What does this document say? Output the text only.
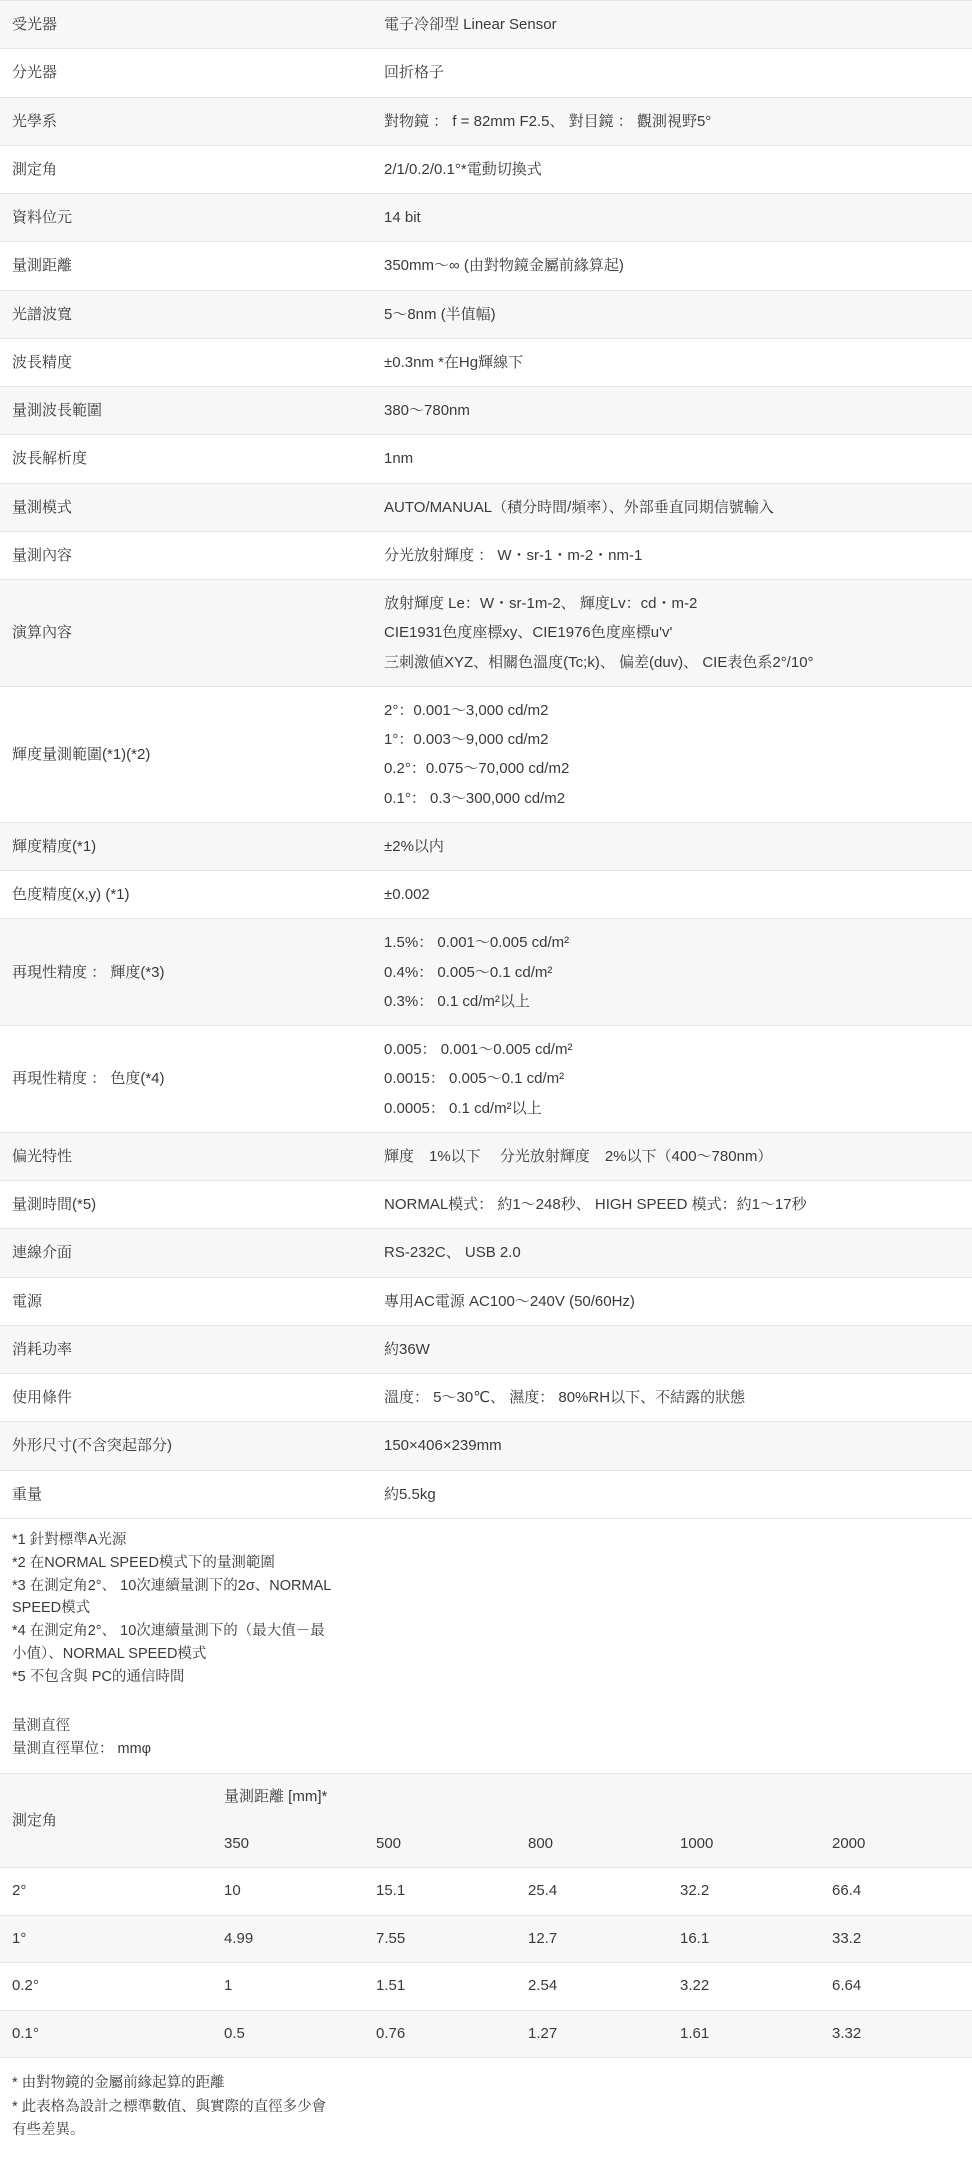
受光器	電子冷卻型 Linear Sensor

分光器	回折格子

光學系	對物鏡 ： f = 82mm F2.5、 對目鏡 ： 觀測視野5°

測定角	2/1/0.2/0.1°*電動切換式

資料位元	14 bit

量測距離	350mm～∞ (由對物鏡金屬前緣算起)

光譜波寬	5～8nm (半值幅)

波長精度	±0.3nm *在Hg輝線下

量測波長範圍	380～780nm

波長解析度	1nm

量測模式	AUTO/MANUAL（積分時間/頻率）、外部垂直同期信號輸入

量測內容	分光放射輝度 ： W・sr-1・m-2・nm-1

演算內容	放射輝度 Le：W・sr-1m-2、 輝度Lv：cd・m-2
CIE1931色度座標xy、CIE1976色度座標u'v'
三刺激値XYZ、相關色溫度(Tc;k)、 偏差(duv)、 CIE表色系2°/10°

輝度量測範圍(*1)(*2)	2°：0.001～3,000 cd/m2
1°：0.003～9,000 cd/m2
0.2°：0.075～70,000 cd/m2
0.1°： 0.3～300,000 cd/m2

輝度精度(*1)	±2%以内

色度精度(x,y) (*1)	±0.002

再現性精度 ： 輝度(*3)	1.5%： 0.001～0.005 cd/m²
0.4%： 0.005～0.1 cd/m²
0.3%： 0.1 cd/m²以上

再現性精度 ： 色度(*4)	0.005： 0.001～0.005 cd/m²
0.0015： 0.005～0.1 cd/m²
0.0005： 0.1 cd/m²以上

偏光特性	輝度　1%以下　 分光放射輝度　2%以下（400～780nm）

量測時間(*5)	NORMAL模式： 約1～248秒、 HIGH SPEED 模式：約1～17秒

連線介面	RS-232C、 USB 2.0

電源	專用AC電源 AC100～240V (50/60Hz)

消耗功率	約36W

使用條件	溫度： 5～30℃、 濕度： 80%RH以下、不結露的狀態

外形尺寸(不含突起部分)	150×406×239mm

重量	約5.5kg
*1 針對標準A光源
*2 在NORMAL SPEED模式下的量測範圍
*3 在測定角2°、 10次連續量測下的2σ、NORMAL
SPEED模式
*4 在測定角2°、 10次連續量測下的（最大值－最
小值）、NORMAL SPEED模式
*5 不包含與 PC的通信時間
量測直徑
量測直徑單位： mmφ
測定角	量測距離 [mm]*				
	350	500	800	1000	2000
2°	10	15.1	25.4	32.2	66.4
1°	4.99	7.55	12.7	16.1	33.2
0.2°	1	1.51	2.54	3.22	6.64
0.1°	0.5	0.76	1.27	1.61	3.32
* 由對物鏡的金屬前緣起算的距離
* 此表格為設計之標準數值、與實際的直徑多少會
有些差異。
